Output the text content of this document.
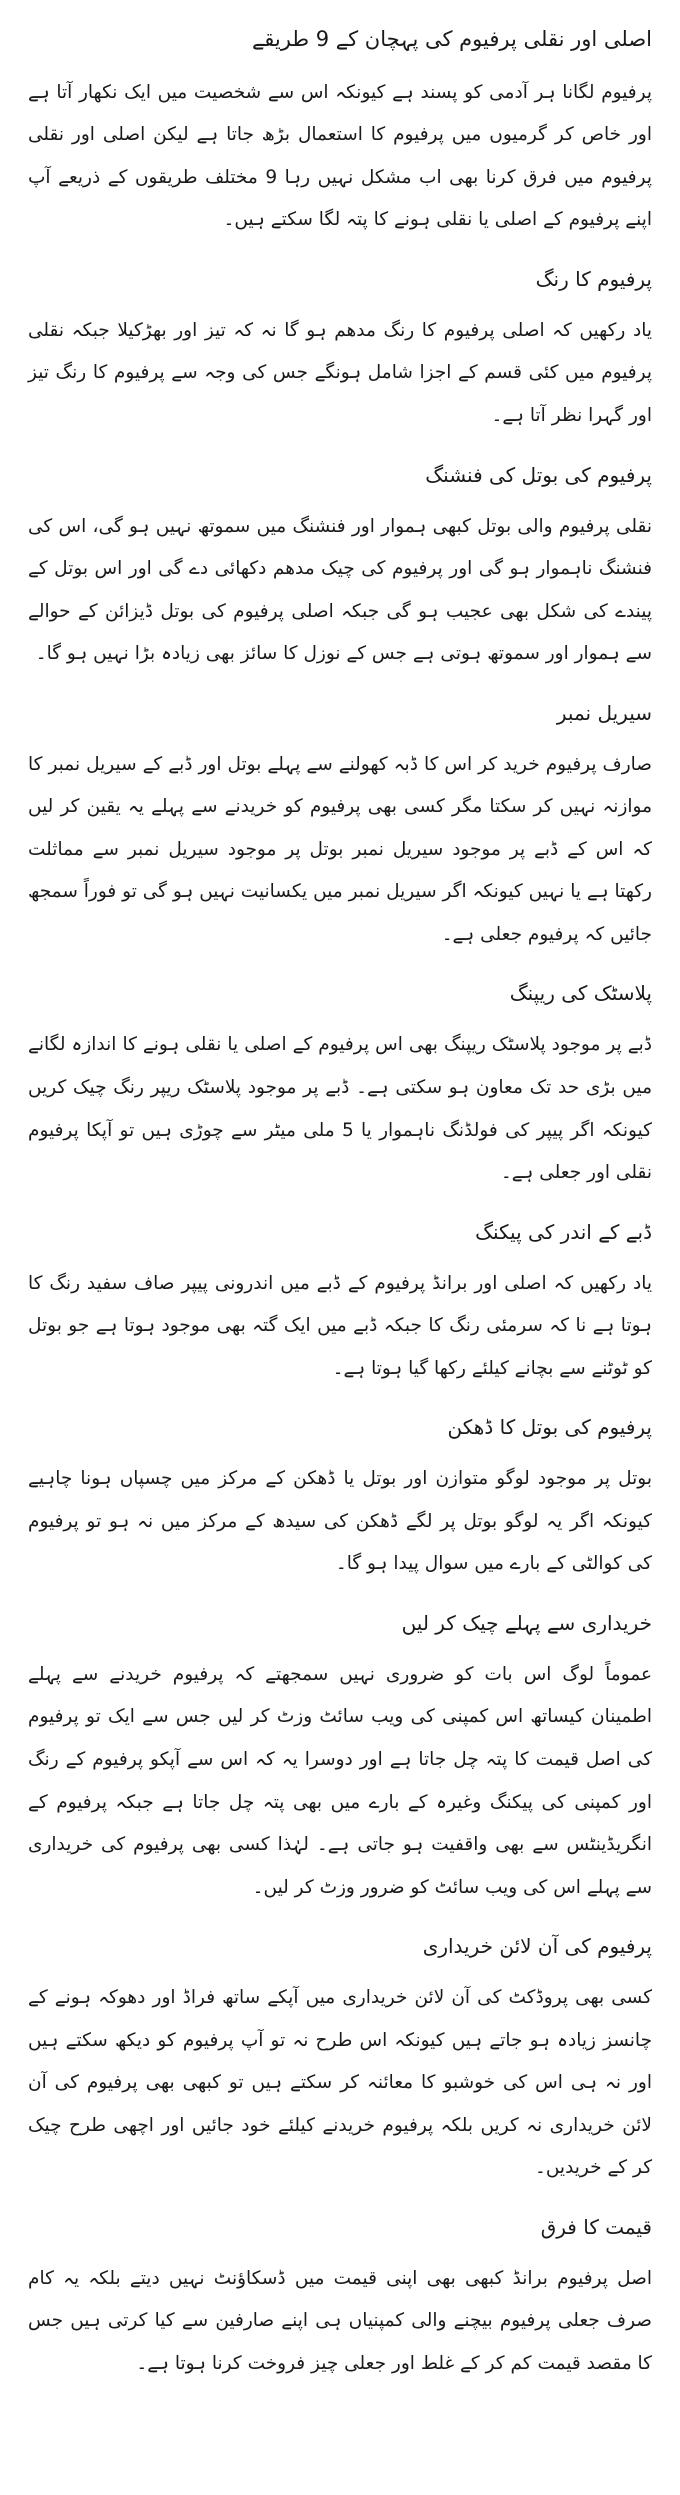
اصلی اور نقلی پرفیوم کی پہچان کے 9 طریقے

پرفیوم لگانا ہر آدمی کو پسند ہے کیونکہ اس سے شخصیت میں ایک نکھار آتا ہے اور خاص کر گرمیوں میں پرفیوم کا استعمال بڑھ جاتا ہے لیکن اصلی اور نقلی پرفیوم میں فرق کرنا بھی اب مشکل نہیں رہا 9 مختلف طریقوں کے ذریعے آپ اپنے پرفیوم کے اصلی یا نقلی ہونے کا پتہ لگا سکتے ہیں۔

پرفیوم کا رنگ

یاد رکھیں کہ اصلی پرفیوم کا رنگ مدھم ہو گا نہ کہ تیز اور بھڑکیلا جبکہ نقلی پرفیوم میں کئی قسم کے اجزا شامل ہونگے جس کی وجہ سے پرفیوم کا رنگ تیز اور گہرا نظر آتا ہے۔

پرفیوم کی بوتل کی فنشنگ

نقلی پرفیوم والی بوتل کبھی ہموار اور فنشنگ میں سموتھ نہیں ہو گی، اس کی فنشنگ ناہموار ہو گی اور پرفیوم کی چیک مدھم دکھائی دے گی اور اس بوتل کے پیندے کی شکل بھی عجیب ہو گی جبکہ اصلی پرفیوم کی بوتل ڈیزائن کے حوالے سے ہموار اور سموتھ ہوتی ہے جس کے نوزل کا سائز بھی زیادہ بڑا نہیں ہو گا۔

سیریل نمبر

صارف پرفیوم خرید کر اس کا ڈبہ کھولنے سے پہلے بوتل اور ڈبے کے سیریل نمبر کا موازنہ نہیں کر سکتا مگر کسی بھی پرفیوم کو خریدنے سے پہلے یہ یقین کر لیں کہ اس کے ڈبے پر موجود سیریل نمبر بوتل پر موجود سیریل نمبر سے مماثلت رکھتا ہے یا نہیں کیونکہ اگر سیریل نمبر میں یکسانیت نہیں ہو گی تو فوراً سمجھ جائیں کہ پرفیوم جعلی ہے۔

پلاسٹک کی ریپنگ

ڈبے پر موجود پلاسٹک ریپنگ بھی اس پرفیوم کے اصلی یا نقلی ہونے کا اندازہ لگانے میں بڑی حد تک معاون ہو سکتی ہے۔ ڈبے پر موجود پلاسٹک ریپر رنگ چیک کریں کیونکہ اگر پیپر کی فولڈنگ ناہموار یا 5 ملی میٹر سے چوڑی ہیں تو آپکا پرفیوم نقلی اور جعلی ہے۔

ڈبے کے اندر کی پیکنگ

یاد رکھیں کہ اصلی اور برانڈ پرفیوم کے ڈبے میں اندرونی پیپر صاف سفید رنگ کا ہوتا ہے نا کہ سرمئی رنگ کا جبکہ ڈبے میں ایک گتہ بھی موجود ہوتا ہے جو بوتل کو ٹوٹنے سے بچانے کیلئے رکھا گیا ہوتا ہے۔

پرفیوم کی بوتل کا ڈھکن

بوتل پر موجود لوگو متوازن اور بوتل یا ڈھکن کے مرکز میں چسپاں ہونا چاہیے کیونکہ اگر یہ لوگو بوتل پر لگے ڈھکن کی سیدھ کے مرکز میں نہ ہو تو پرفیوم کی کوالٹی کے بارے میں سوال پیدا ہو گا۔

خریداری سے پہلے چیک کر لیں

عموماً لوگ اس بات کو ضروری نہیں سمجھتے کہ پرفیوم خریدنے سے پہلے اطمینان کیساتھ اس کمپنی کی ویب سائٹ وزٹ کر لیں جس سے ایک تو پرفیوم کی اصل قیمت کا پتہ چل جاتا ہے اور دوسرا یہ کہ اس سے آپکو پرفیوم کے رنگ اور کمپنی کی پیکنگ وغیرہ کے بارے میں بھی پتہ چل جاتا ہے جبکہ پرفیوم کے انگریڈینٹس سے بھی واقفیت ہو جاتی ہے۔ لہٰذا کسی بھی پرفیوم کی خریداری سے پہلے اس کی ویب سائٹ کو ضرور وزٹ کر لیں۔

پرفیوم کی آن لائن خریداری

کسی بھی پروڈکٹ کی آن لائن خریداری میں آپکے ساتھ فراڈ اور دھوکہ ہونے کے چانسز زیادہ ہو جاتے ہیں کیونکہ اس طرح نہ تو آپ پرفیوم کو دیکھ سکتے ہیں اور نہ ہی اس کی خوشبو کا معائنہ کر سکتے ہیں تو کبھی بھی پرفیوم کی آن لائن خریداری نہ کریں بلکہ پرفیوم خریدنے کیلئے خود جائیں اور اچھی طرح چیک کر کے خریدیں۔

قیمت کا فرق

اصل پرفیوم برانڈ کبھی بھی اپنی قیمت میں ڈسکاؤنٹ نہیں دیتے بلکہ یہ کام صرف جعلی پرفیوم بیچنے والی کمپنیاں ہی اپنے صارفین سے کیا کرتی ہیں جس کا مقصد قیمت کم کر کے غلط اور جعلی چیز فروخت کرنا ہوتا ہے۔
